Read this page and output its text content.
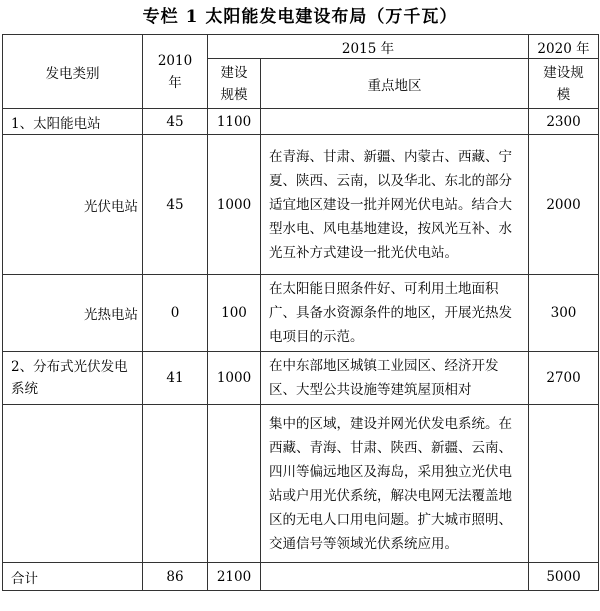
专栏 1 太阳能发电建设布局（万千瓦）
发电类别	2010 年	2015 年		2020 年
		建设规模	重点地区	建设规模
1、太阳能电站	45	1100		2300
光伏电站	45	1000	在青海、甘肃、新疆、内蒙古、西藏、宁夏、陕西、云南，以及华北、东北的部分适宜地区建设一批并网光伏电站。结合大型水电、风电基地建设，按风光互补、水光互补方式建设一批光伏电站。	2000
光热电站	0	100	在太阳能日照条件好、可利用土地面积广、具备水资源条件的地区，开展光热发电项目的示范。	300
2、分布式光伏发电系统	41	1000	在中东部地区城镇工业园区、经济开发区、大型公共设施等建筑屋顶相对	2700
			集中的区域，建设并网光伏发电系统。在西藏、青海、甘肃、陕西、新疆、云南、四川等偏远地区及海岛，采用独立光伏电站或户用光伏系统，解决电网无法覆盖地区的无电人口用电问题。扩大城市照明、交通信号等领域光伏系统应用。	
合计	86	2100		5000
